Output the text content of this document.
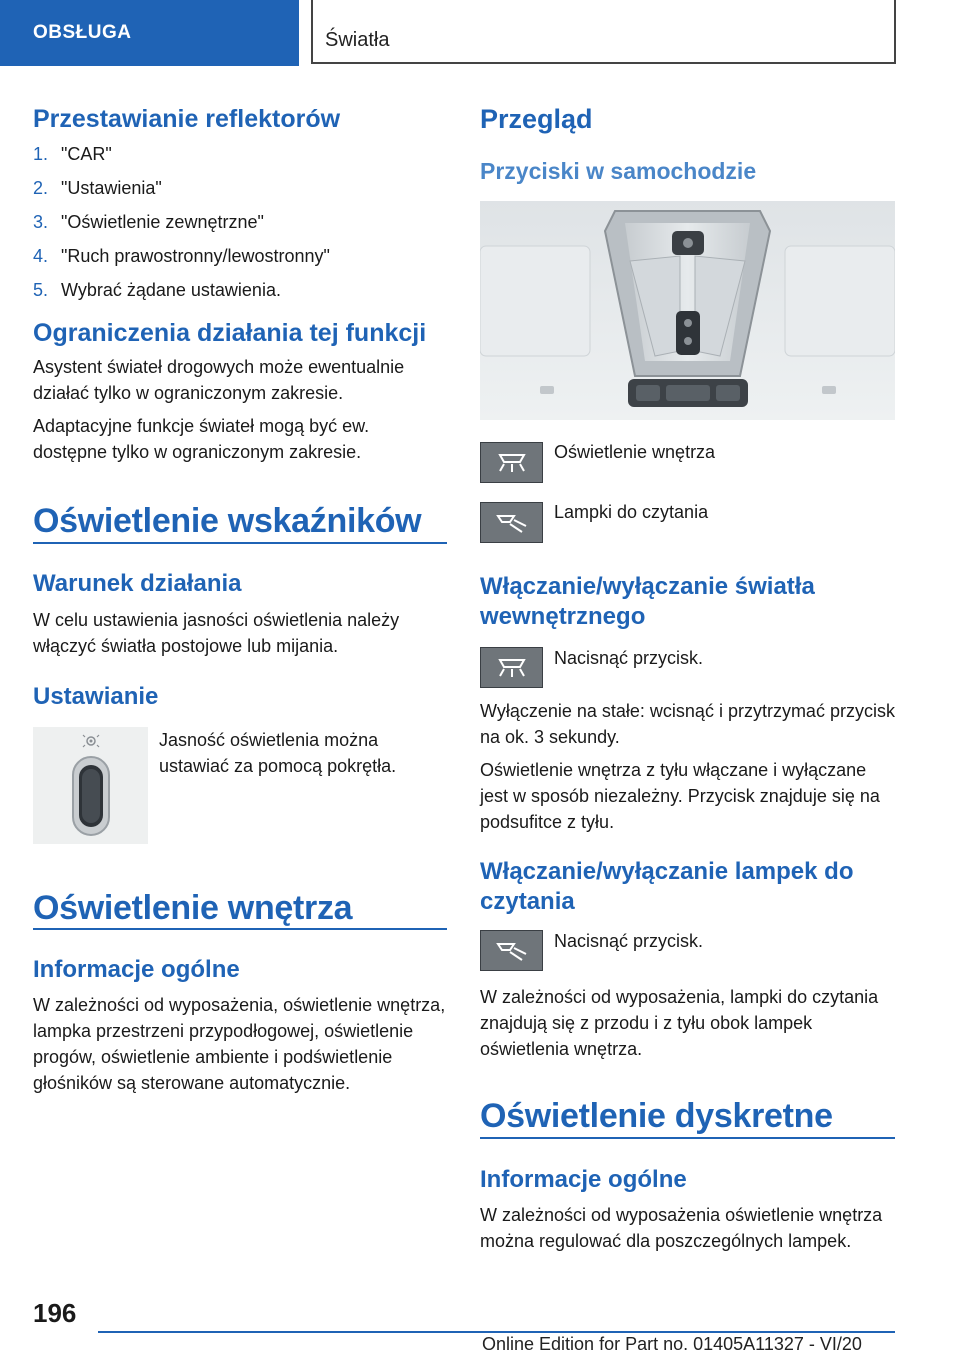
OBSŁUGA	Światła
Przestawianie reflektorów
1. "CAR"
2. "Ustawienia"
3. "Oświetlenie zewnętrzne"
4. "Ruch prawostronny/lewostronny"
5. Wybrać żądane ustawienia.
Ograniczenia działania tej funkcji
Asystent świateł drogowych może ewentualnie działać tylko w ograniczonym zakresie.
Adaptacyjne funkcje świateł mogą być ew. dostępne tylko w ograniczonym zakresie.
Oświetlenie wskaźników
Warunek działania
W celu ustawienia jasności oświetlenia należy włączyć światła postojowe lub mijania.
Ustawianie
Jasność oświetlenia można ustawiać za pomocą pokrętła.
Oświetlenie wnętrza
Informacje ogólne
W zależności od wyposażenia, oświetlenie wnętrza, lampka przestrzeni przypodłogowej, oświetlenie progów, oświetlenie ambiente i podświetlenie głośników są sterowane automatycznie.
Przegląd
Przyciski w samochodzie
Oświetlenie wnętrza
Lampki do czytania
Włączanie/wyłączanie światła wewnętrznego
Nacisnąć przycisk.
Wyłączenie na stałe: wcisnąć i przytrzymać przycisk na ok. 3 sekundy.
Oświetlenie wnętrza z tyłu włączane i wyłączane jest w sposób niezależny. Przycisk znajduje się na podsufitce z tyłu.
Włączanie/wyłączanie lampek do czytania
Nacisnąć przycisk.
W zależności od wyposażenia, lampki do czytania znajdują się z przodu i z tyłu obok lampek oświetlenia wnętrza.
Oświetlenie dyskretne
Informacje ogólne
W zależności od wyposażenia oświetlenie wnętrza można regulować dla poszczególnych lampek.
196
Online Edition for Part no. 01405A11327 - VI/20
